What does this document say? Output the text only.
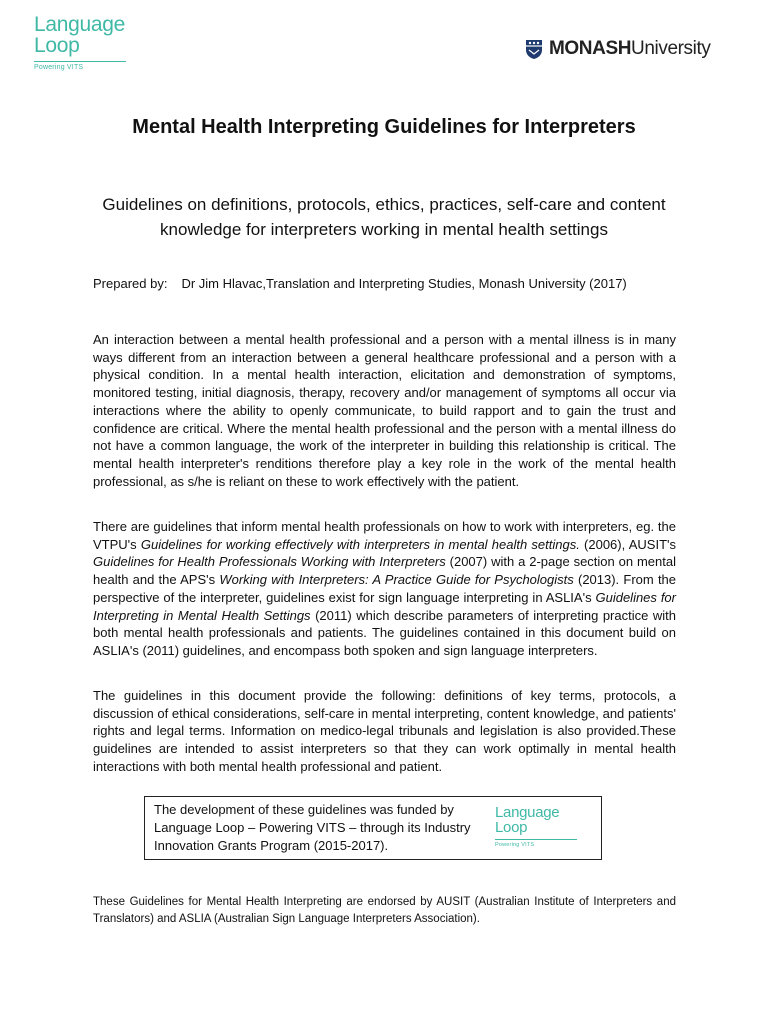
Language
Loop
Powering VITS
MONASHUniversity
Mental Health Interpreting Guidelines for Interpreters
Guidelines on definitions, protocols, ethics, practices, self-care and content knowledge for interpreters working in mental health settings
Prepared by: Dr Jim Hlavac,Translation and Interpreting Studies, Monash University (2017)
An interaction between a mental health professional and a person with a mental illness is in many ways different from an interaction between a general healthcare professional and a person with a physical condition. In a mental health interaction, elicitation and demonstration of symptoms, monitored testing, initial diagnosis, therapy, recovery and/or management of symptoms all occur via interactions where the ability to openly communicate, to build rapport and to gain the trust and confidence are critical. Where the mental health professional and the person with a mental illness do not have a common language, the work of the interpreter in building this relationship is critical. The mental health interpreter's renditions therefore play a key role in the work of the mental health professional, as s/he is reliant on these to work effectively with the patient.
There are guidelines that inform mental health professionals on how to work with interpreters, eg. the VTPU's Guidelines for working effectively with interpreters in mental health settings. (2006), AUSIT's Guidelines for Health Professionals Working with Interpreters (2007) with a 2-page section on mental health and the APS's Working with Interpreters: A Practice Guide for Psychologists (2013). From the perspective of the interpreter, guidelines exist for sign language interpreting in ASLIA's Guidelines for Interpreting in Mental Health Settings (2011) which describe parameters of interpreting practice with both mental health professionals and patients. The guidelines contained in this document build on ASLIA's (2011) guidelines, and encompass both spoken and sign language interpreters.
The guidelines in this document provide the following: definitions of key terms, protocols, a discussion of ethical considerations, self-care in mental interpreting, content knowledge, and patients' rights and legal terms. Information on medico-legal tribunals and legislation is also provided.These guidelines are intended to assist interpreters so that they can work optimally in mental health interactions with both mental health professional and patient.
The development of these guidelines was funded by Language Loop – Powering VITS – through its Industry Innovation Grants Program (2015-2017).
Language
Loop
Powering VITS
These Guidelines for Mental Health Interpreting are endorsed by AUSIT (Australian Institute of Interpreters and Translators) and ASLIA (Australian Sign Language Interpreters Association).
